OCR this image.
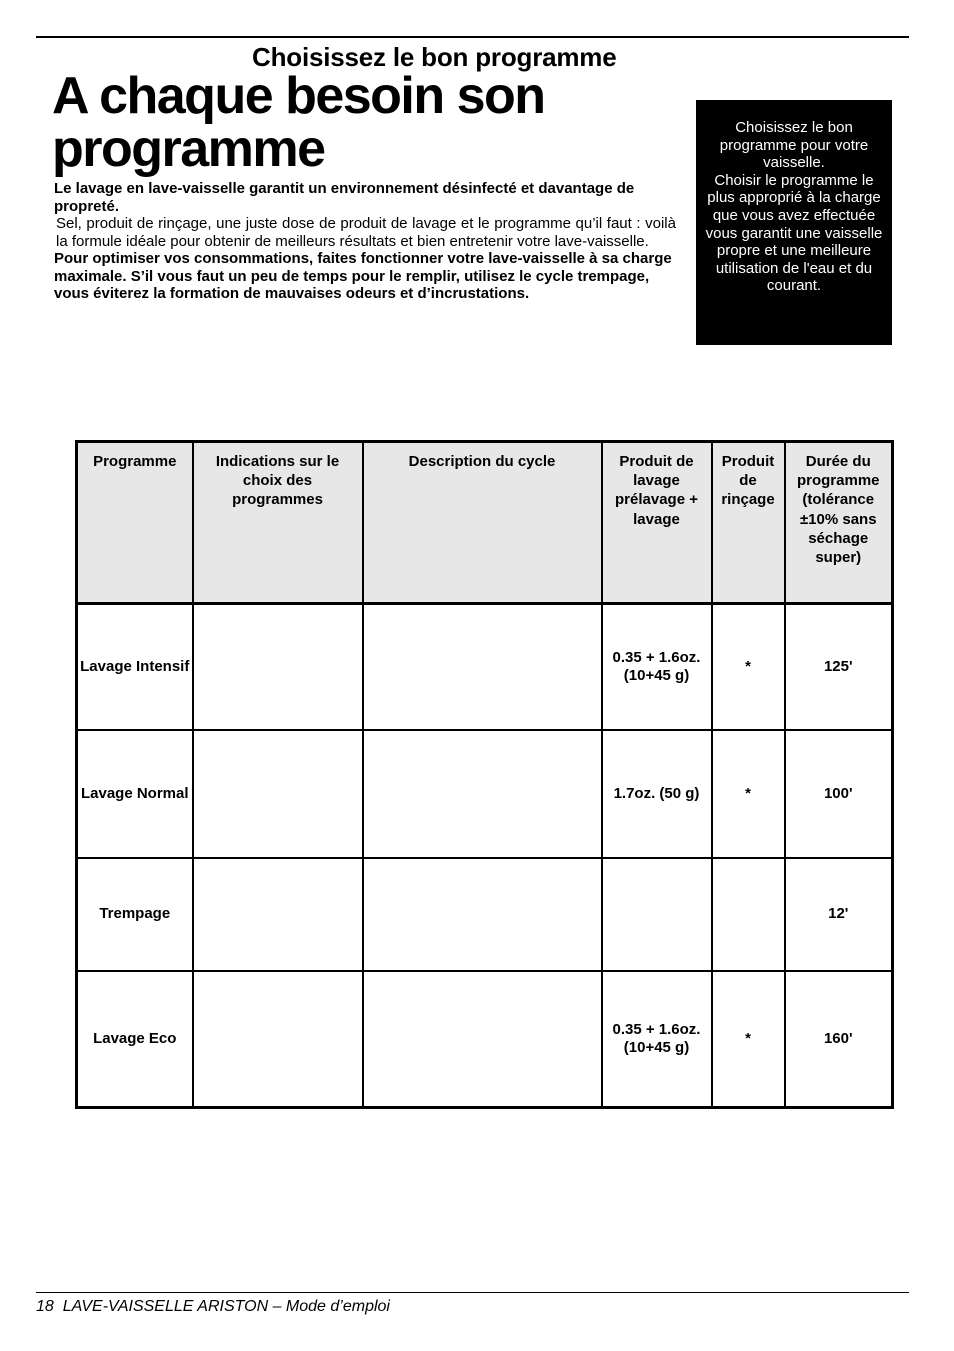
Choisissez le bon programme
A chaque besoin son programme

Le lavage en lave-vaisselle garantit un environnement désinfecté et davantage de propreté.

Sel, produit de rinçage, une juste dose de produit de lavage et le programme qu’il faut : voilà la formule idéale pour obtenir de meilleurs résultats et bien entretenir votre lave-vaisselle.

Pour optimiser vos consommations, faites fonctionner votre lave-vaisselle à sa charge maximale. S’il vous faut un peu de temps pour le remplir, utilisez le cycle trempage, vous éviterez la formation de mauvaises odeurs et d’incrustations.

Choisissez le bon programme pour votre vaisselle.

Choisir le programme le plus approprié à la charge que vous avez effectuée vous garantit une vaisselle propre et une meilleure utilisation de l'eau et du courant.

Programme	Indications sur le choix des programmes	Description du cycle	Produit de lavage prélavage + lavage	Produit de rinçage	Durée du programme (tolérance ±10% sans séchage super)
Lavage Intensif			0.35 + 1.6oz. (10+45 g)	*	125'
Lavage Normal			1.7oz. (50 g)	*	100'
Trempage					12'
Lavage Eco			0.35 + 1.6oz. (10+45 g)	*	160'
18 LAVE-VAISSELLE ARISTON – Mode d’emploi
